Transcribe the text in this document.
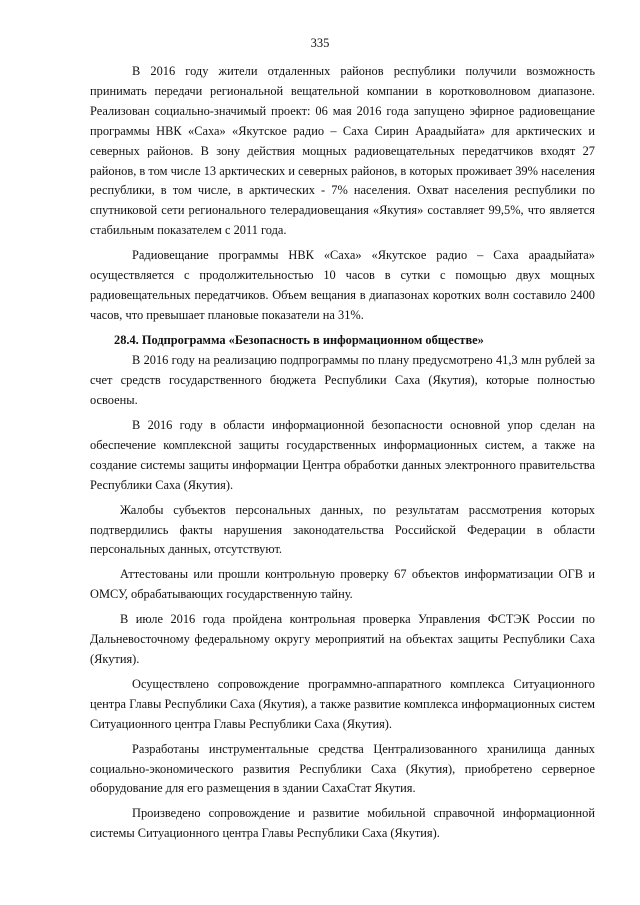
335

В 2016 году жители отдаленных районов республики получили возможность принимать передачи региональной вещательной компании в коротковолновом диапазоне. Реализован социально-значимый проект: 06 мая 2016 года запущено эфирное радиовещание программы НВК «Саха» «Якутское радио – Саха Сирин Араадыйата» для арктических и северных районов. В зону действия мощных радиовещательных передатчиков входят 27 районов, в том числе 13 арктических и северных районов, в которых проживает 39% населения республики, в том числе, в арктических - 7% населения. Охват населения республики по спутниковой сети регионального телерадиовещания «Якутия» составляет 99,5%, что является стабильным показателем с 2011 года.

Радиовещание программы НВК «Саха» «Якутское радио – Саха араадыйата» осуществляется с продолжительностью 10 часов в сутки с помощью двух мощных радиовещательных передатчиков. Объем вещания в диапазонах коротких волн составило 2400 часов, что превышает плановые показатели на 31%.

28.4. Подпрограмма «Безопасность в информационном обществе»

В 2016 году на реализацию подпрограммы по плану предусмотрено 41,3 млн рублей за счет средств государственного бюджета Республики Саха (Якутия), которые полностью освоены.

В 2016 году в области информационной безопасности основной упор сделан на обеспечение комплексной защиты государственных информационных систем, а также на создание системы защиты информации Центра обработки данных электронного правительства Республики Саха (Якутия).

Жалобы субъектов персональных данных, по результатам рассмотрения которых подтвердились факты нарушения законодательства Российской Федерации в области персональных данных, отсутствуют.

Аттестованы или прошли контрольную проверку 67 объектов информатизации ОГВ и ОМСУ, обрабатывающих государственную тайну.

В июле 2016 года пройдена контрольная проверка Управления ФСТЭК России по Дальневосточному федеральному округу мероприятий на объектах защиты Республики Саха (Якутия).

Осуществлено сопровождение программно-аппаратного комплекса Ситуационного центра Главы Республики Саха (Якутия), а также развитие комплекса информационных систем Ситуационного центра Главы Республики Саха (Якутия).

Разработаны инструментальные средства Централизованного хранилища данных социально-экономического развития Республики Саха (Якутия), приобретено серверное оборудование для его размещения в здании СахаСтат Якутия.

Произведено сопровождение и развитие мобильной справочной информационной системы Ситуационного центра Главы Республики Саха (Якутия).
